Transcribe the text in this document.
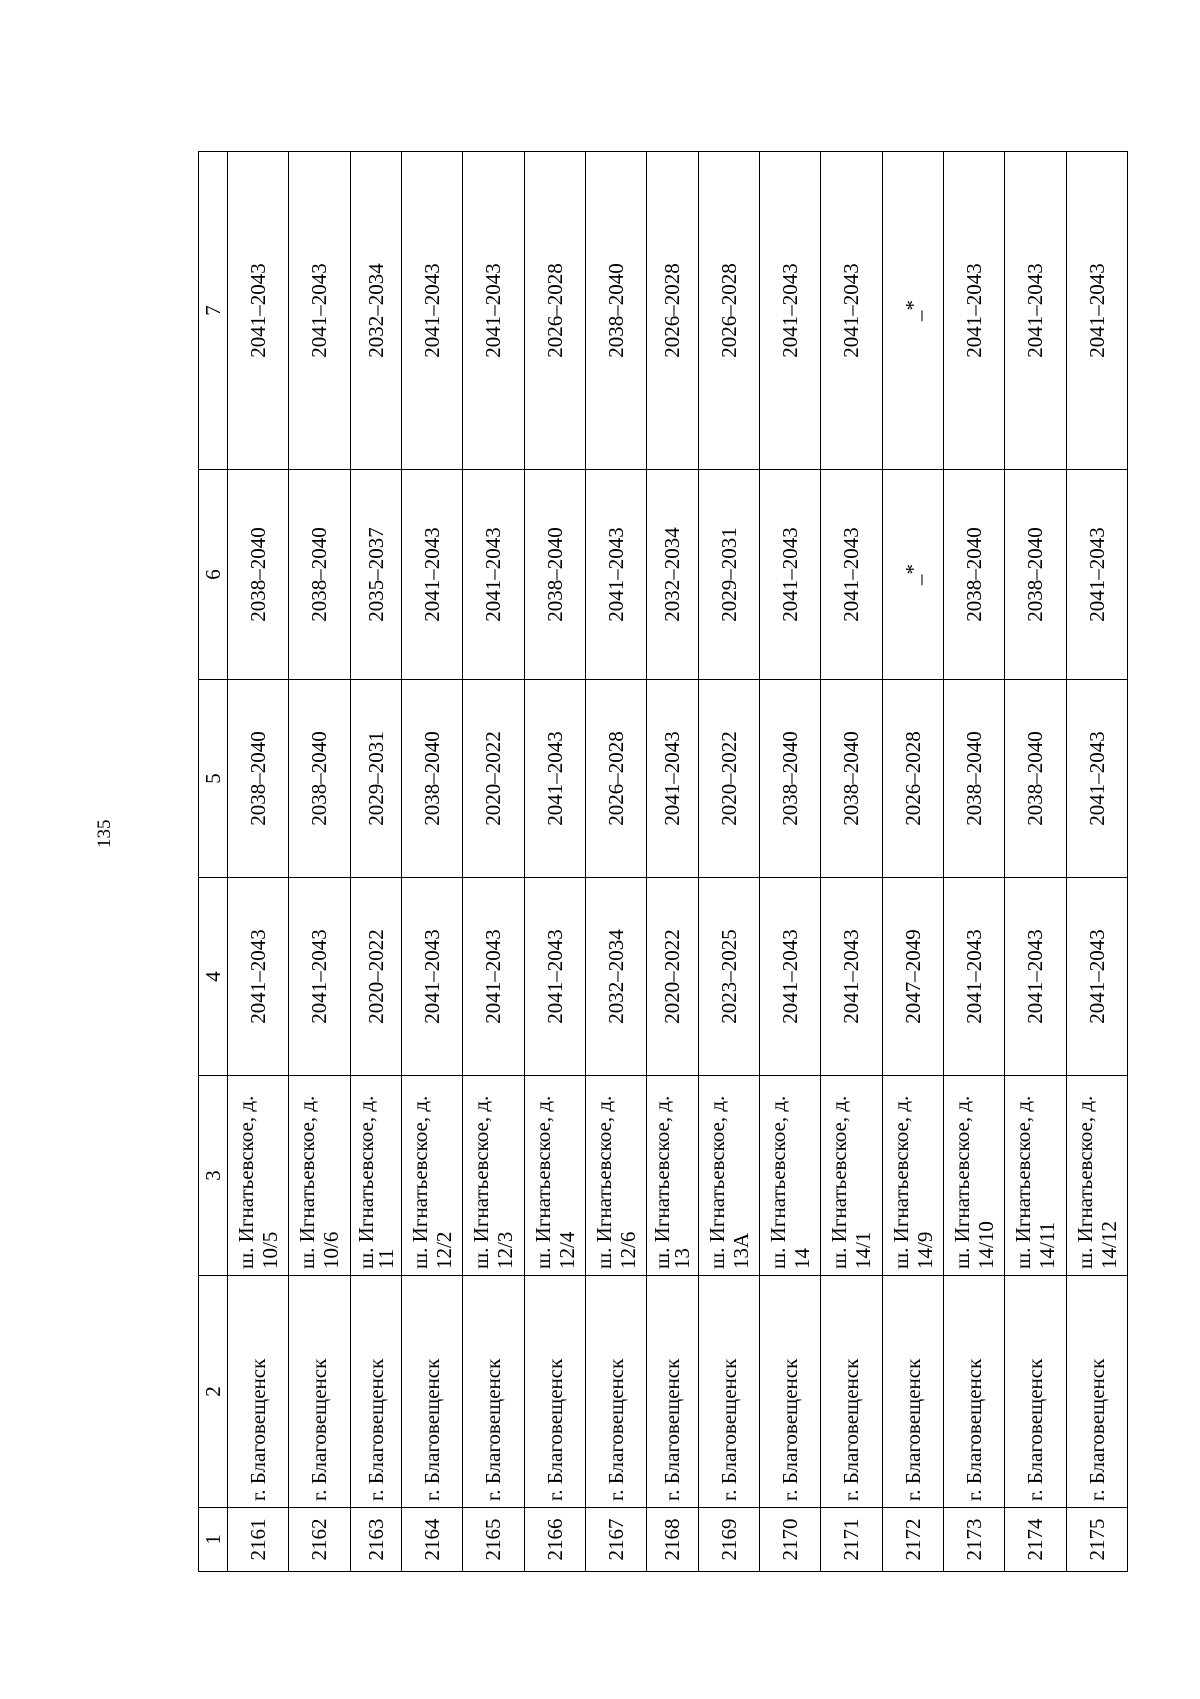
135
1	2	3	4	5	6	7
2161	г. Благовещенск	ш. Игнатьевское, д. 10/5	2041–2043	2038–2040	2038–2040	2041–2043
2162	г. Благовещенск	ш. Игнатьевское, д. 10/6	2041–2043	2038–2040	2038–2040	2041–2043
2163	г. Благовещенск	ш. Игнатьевское, д. 11	2020–2022	2029–2031	2035–2037	2032–2034
2164	г. Благовещенск	ш. Игнатьевское, д. 12/2	2041–2043	2038–2040	2041–2043	2041–2043
2165	г. Благовещенск	ш. Игнатьевское, д. 12/3	2041–2043	2020–2022	2041–2043	2041–2043
2166	г. Благовещенск	ш. Игнатьевское, д. 12/4	2041–2043	2041–2043	2038–2040	2026–2028
2167	г. Благовещенск	ш. Игнатьевское, д. 12/6	2032–2034	2026–2028	2041–2043	2038–2040
2168	г. Благовещенск	ш. Игнатьевское, д. 13	2020–2022	2041–2043	2032–2034	2026–2028
2169	г. Благовещенск	ш. Игнатьевское, д. 13А	2023–2025	2020–2022	2029–2031	2026–2028
2170	г. Благовещенск	ш. Игнатьевское, д. 14	2041–2043	2038–2040	2041–2043	2041–2043
2171	г. Благовещенск	ш. Игнатьевское, д. 14/1	2041–2043	2038–2040	2041–2043	2041–2043
2172	г. Благовещенск	ш. Игнатьевское, д. 14/9	2047–2049	2026–2028	_*	_*
2173	г. Благовещенск	ш. Игнатьевское, д. 14/10	2041–2043	2038–2040	2038–2040	2041–2043
2174	г. Благовещенск	ш. Игнатьевское, д. 14/11	2041–2043	2038–2040	2038–2040	2041–2043
2175	г. Благовещенск	ш. Игнатьевское, д. 14/12	2041–2043	2041–2043	2041–2043	2041–2043
